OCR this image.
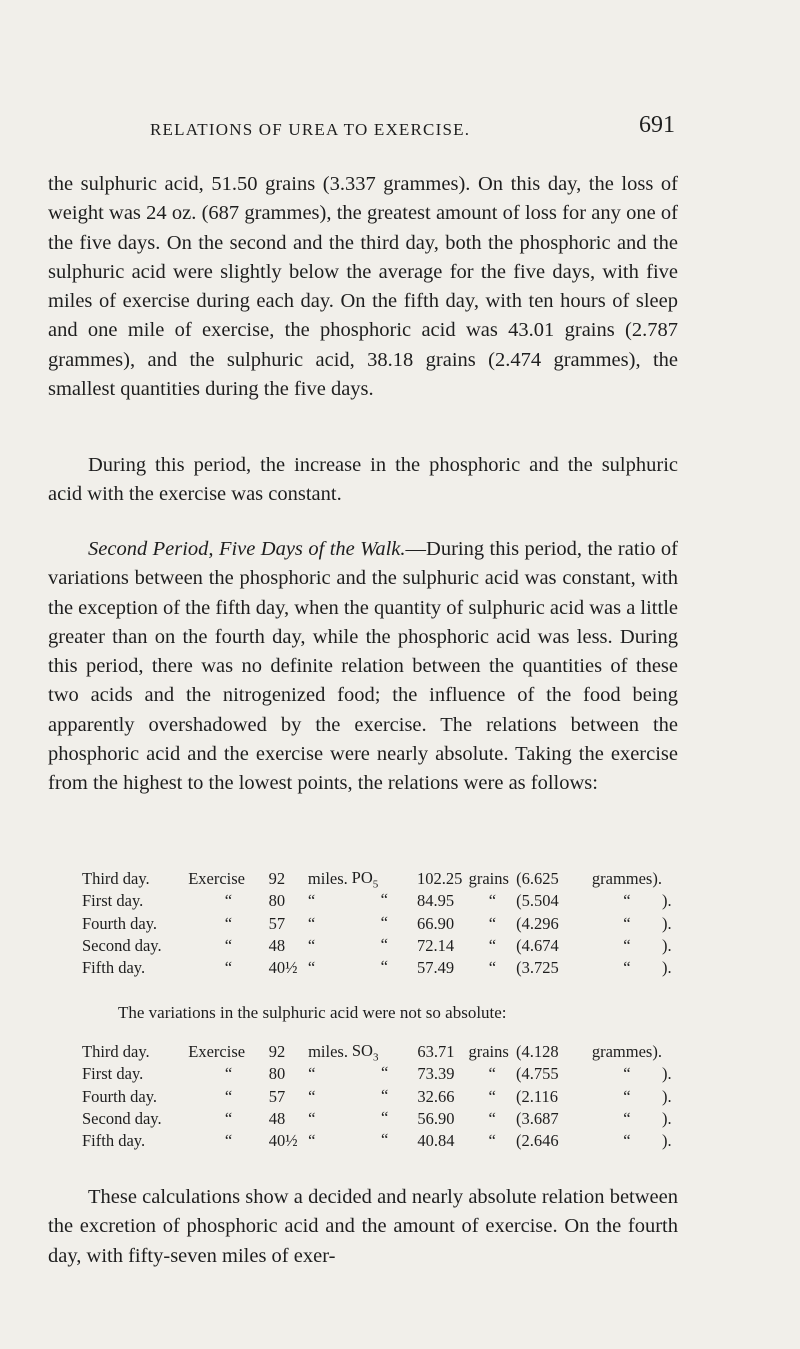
RELATIONS OF UREA TO EXERCISE.	691

the sulphuric acid, 51.50 grains (3.337 grammes). On this day, the loss of weight was 24 oz. (687 grammes), the greatest amount of loss for any one of the five days. On the second and the third day, both the phosphoric and the sulphuric acid were slightly below the average for the five days, with five miles of exercise during each day. On the fifth day, with ten hours of sleep and one mile of exercise, the phosphoric acid was 43.01 grains (2.787 grammes), and the sulphuric acid, 38.18 grains (2.474 grammes), the smallest quantities during the five days.

During this period, the increase in the phosphoric and the sulphuric acid with the exercise was constant.

Second Period, Five Days of the Walk.—During this period, the ratio of variations between the phosphoric and the sulphuric acid was constant, with the exception of the fifth day, when the quantity of sulphuric acid was a little greater than on the fourth day, while the phosphoric acid was less. During this period, there was no definite relation between the quantities of these two acids and the nitrogenized food; the influence of the food being apparently overshadowed by the exercise. The relations between the phosphoric acid and the exercise were nearly absolute. Taking the exercise from the highest to the lowest points, the relations were as follows:

Third day.	Exercise	92	miles.	$PO_5$	102.25	grains	(6.625	grammes).	
First day.	“	80	“	“	84.95	“	(5.504	“	).
Fourth day.	“	57	“	“	66.90	“	(4.296	“	).
Second day.	“	48	“	“	72.14	“	(4.674	“	).
Fifth day.	“	40½	“	“	57.49	“	(3.725	“	).
The variations in the sulphuric acid were not so absolute:
Third day.	Exercise	92	miles.	$SO_3$	63.71	grains	(4.128	grammes).	
First day.	“	80	“	“	73.39	“	(4.755	“	).
Fourth day.	“	57	“	“	32.66	“	(2.116	“	).
Second day.	“	48	“	“	56.90	“	(3.687	“	).
Fifth day.	“	40½	“	“	40.84	“	(2.646	“	).

These calculations show a decided and nearly absolute relation between the excretion of phosphoric acid and the amount of exercise. On the fourth day, with fifty-seven miles of exer-
